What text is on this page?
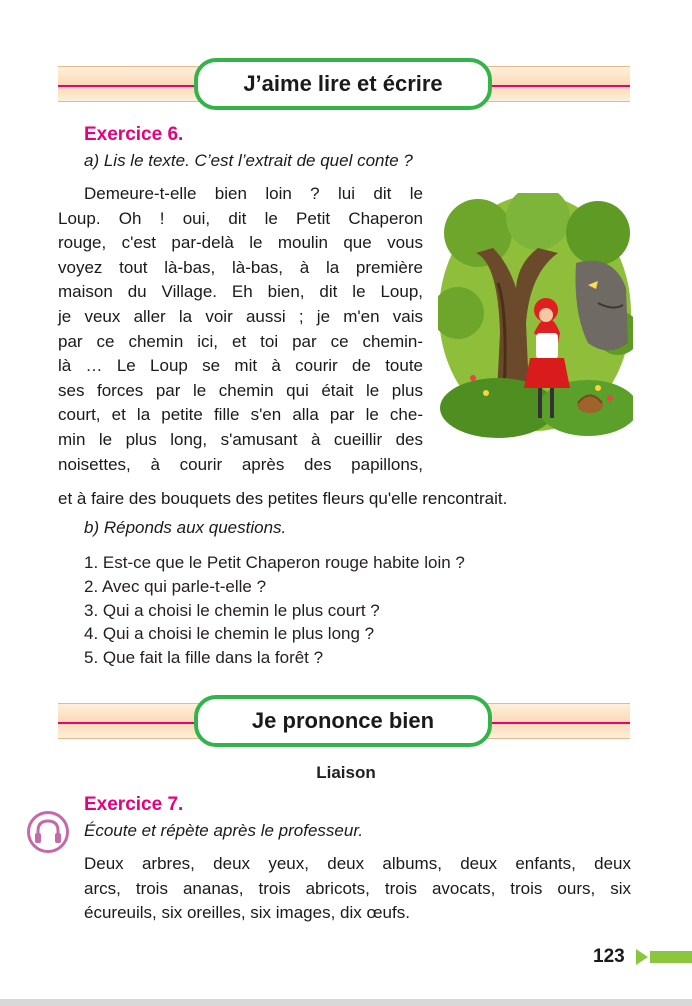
J’aime lire et écrire
Exercice 6.
a) Lis le texte. C’est l’extrait de quel conte ?
Demeure-t-elle bien loin ? lui dit le
Loup. Oh ! oui, dit le Petit Chaperon
rouge, c'est par-delà le moulin que vous
voyez tout là-bas, là-bas, à la première
maison du Village. Eh bien, dit le Loup,
je veux aller la voir aussi ; je m'en vais
par ce chemin ici, et toi par ce chemin-
là … Le Loup se mit à courir de toute
ses forces par le chemin qui était le plus
court, et la petite fille s'en alla par le che-
min le plus long, s'amusant à cueillir des
noisettes, à courir après des papillons,
et à faire des bouquets des petites fleurs qu'elle rencontrait.
b) Réponds aux questions.
1. Est-ce que le Petit Chaperon rouge habite loin ?
2. Avec qui parle-t-elle ?
3. Qui a choisi le chemin le plus court ?
4. Qui a choisi le chemin le plus long ?
5. Que fait la fille dans la forêt ?
Je prononce bien
Liaison
Exercice 7.
Écoute et répète après le professeur.
Deux arbres, deux yeux, deux albums, deux enfants, deux
arcs, trois ananas, trois abricots, trois avocats, trois ours, six
écureuils, six oreilles, six images, dix œufs.
123
